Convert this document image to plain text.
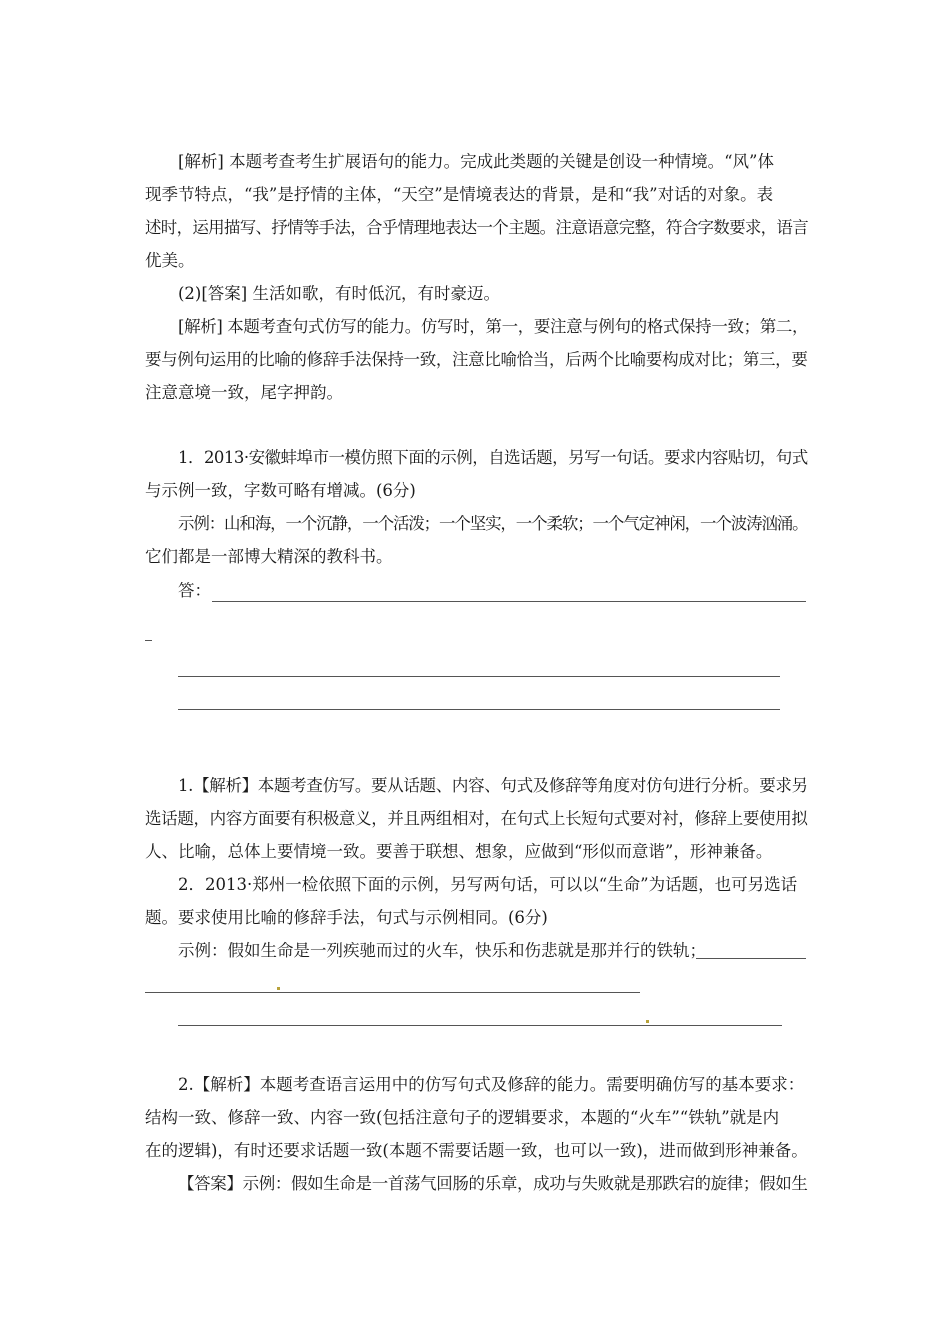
[解析] 本题考查考生扩展语句的能力。完成此类题的关键是创设一种情境。“风”体
现季节特点，“我”是抒情的主体，“天空”是情境表达的背景，是和“我”对话的对象。表
述时，运用描写、抒情等手法，合乎情理地表达一个主题。注意语意完整，符合字数要求，语言
优美。
(2)[答案] 生活如歌，有时低沉，有时豪迈。
[解析] 本题考查句式仿写的能力。仿写时，第一，要注意与例句的格式保持一致；第二，
要与例句运用的比喻的修辞手法保持一致，注意比喻恰当，后两个比喻要构成对比；第三，要
注意意境一致，尾字押韵。
1．2013·安徽蚌埠市一模仿照下面的示例，自选话题，另写一句话。要求内容贴切，句式
与示例一致，字数可略有增减。(6分)
示例：山和海，一个沉静，一个活泼；一个坚实，一个柔软；一个气定神闲，一个波涛汹涌。
它们都是一部博大精深的教科书。
答：
1.【解析】本题考查仿写。要从话题、内容、句式及修辞等角度对仿句进行分析。要求另
选话题，内容方面要有积极意义，并且两组相对，在句式上长短句式要对衬，修辞上要使用拟
人、比喻，总体上要情境一致。要善于联想、想象，应做到“形似而意谐”，形神兼备。
2．2013·郑州一检依照下面的示例，另写两句话，可以以“生命”为话题，也可另选话
题。要求使用比喻的修辞手法，句式与示例相同。(6分)
示例：假如生命是一列疾驰而过的火车，快乐和伤悲就是那并行的铁轨；
2.【解析】本题考查语言运用中的仿写句式及修辞的能力。需要明确仿写的基本要求：
结构一致、修辞一致、内容一致(包括注意句子的逻辑要求，本题的“火车”“铁轨”就是内
在的逻辑)，有时还要求话题一致(本题不需要话题一致，也可以一致)，进而做到形神兼备。
【答案】示例：假如生命是一首荡气回肠的乐章，成功与失败就是那跌宕的旋律；假如生
